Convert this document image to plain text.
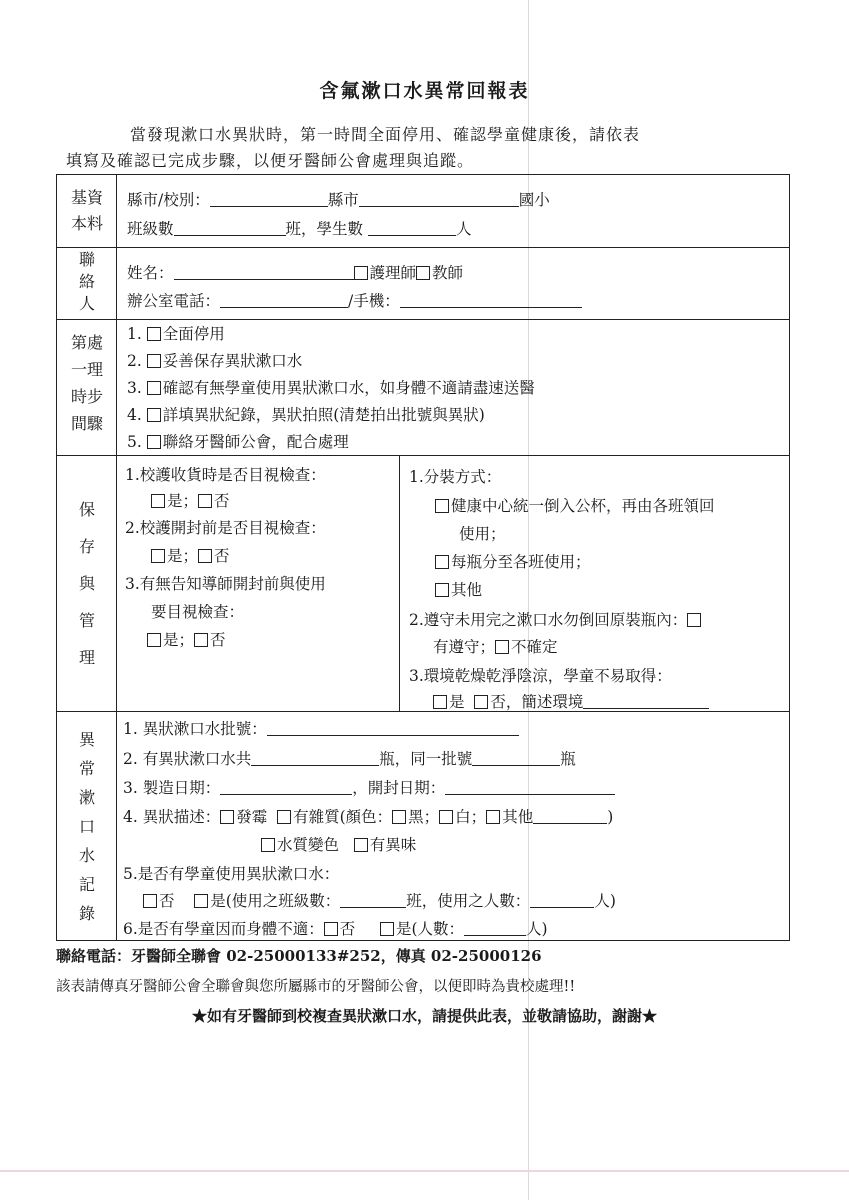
含氟漱口水異常回報表
當發現漱口水異狀時，第一時間全面停用、確認學童健康後，請依表
填寫及確認已完成步驟，以便牙醫師公會處理與追蹤。
基資
本料
縣市/校別：	縣市	國小
班級數	班，學生數	人
聯
絡
人
姓名：	護理師 教師
辦公室電話：	/手機：
第處
一理
時步
間驟
1. 全面停用
2. 妥善保存異狀漱口水
3. 確認有無學童使用異狀漱口水，如身體不適請盡速送醫
4. 詳填異狀紀錄，異狀拍照(清楚拍出批號與異狀)
5. 聯絡牙醫師公會，配合處理
保
存
與
管
理
1.校護收貨時是否目視檢查：
是； 否
2.校護開封前是否目視檢查：
是； 否
3.有無告知導師開封前與使用
要目視檢查：
是； 否
1.分裝方式：
健康中心統一倒入公杯，再由各班領回
使用；
每瓶分至各班使用；
其他
2.遵守未用完之漱口水勿倒回原裝瓶內：
有遵守； 不確定
3.環境乾燥乾淨陰涼，學童不易取得：
是 否，簡述環境
異
常
漱
口
水
記
錄
1. 異狀漱口水批號：
2. 有異狀漱口水共	瓶，同一批號	瓶
3. 製造日期：	，開封日期：
4. 異狀描述： 發霉 有雜質(顏色： 黑； 白； 其他	)
水質變色 有異味
5.是否有學童使用異狀漱口水：
否 是(使用之班級數：	班，使用之人數：	人)
6.是否有學童因而身體不適： 否	是(人數：	人)
聯絡電話：牙醫師全聯會 02-25000133#252，傳真 02-25000126
該表請傳真牙醫師公會全聯會與您所屬縣市的牙醫師公會，以便即時為貴校處理!!
★如有牙醫師到校複查異狀漱口水，請提供此表，並敬請協助，謝謝★
